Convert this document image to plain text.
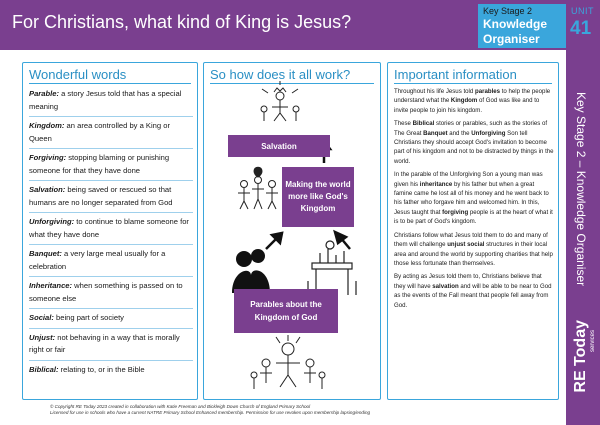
For Christians, what kind of King is Jesus?
Key Stage 2
Knowledge
Organiser
UNIT
41
Key Stage 2 – Knowledge Organiser
RE Today services
Wonderful words
Parable: a story Jesus told that has a special meaning
Kingdom: an area controlled by a King or Queen
Forgiving: stopping blaming or punishing someone for that they have done
Salvation: being saved or rescued so that humans are no longer separated from God
Unforgiving: to continue to blame someone for what they have done
Banquet: a very large meal usually for a celebration
Inheritance: when something is passed on to someone else
Social: being part of society
Unjust: not behaving in a way that is morally right or fair
Biblical: relating to, or in the Bible
So how does it all work?
Salvation
Making the world more like God's Kingdom
Parables about the Kingdom of God
Important information

Throughout his life Jesus told parables to help the people understand what the Kingdom of God was like and to invite people to join his kingdom.

These Biblical stories or parables, such as the stories of The Great Banquet and the Unforgiving Son tell Christians they should accept God's invitation to become part of his kingdom and not to be distracted by things in the world.

In the parable of the Unforgiving Son a young man was given his inheritance by his father but when a great famine came he lost all of his money and he went back to his father who forgave him and welcomed him. In this, Jesus taught that forgiving people is at the heart of what it is to be part of God's kingdom.

Christians follow what Jesus told them to do and many of them will challenge unjust social structures in their local area and around the world by supporting charities that help those less fortunate than themselves.

By acting as Jesus told them to, Christians believe that they will have salvation and will be able to be near to God as the events of the Fall meant that people fell away from God.

© Copyright RE Today 2023 created in collaboration with Katie Freeman and Bickleigh Down Church of England Primary School
Licensed for use in schools who have a current NATRE Primary School Enhanced membership. Permission for use revokes upon membership lapsing/ending
